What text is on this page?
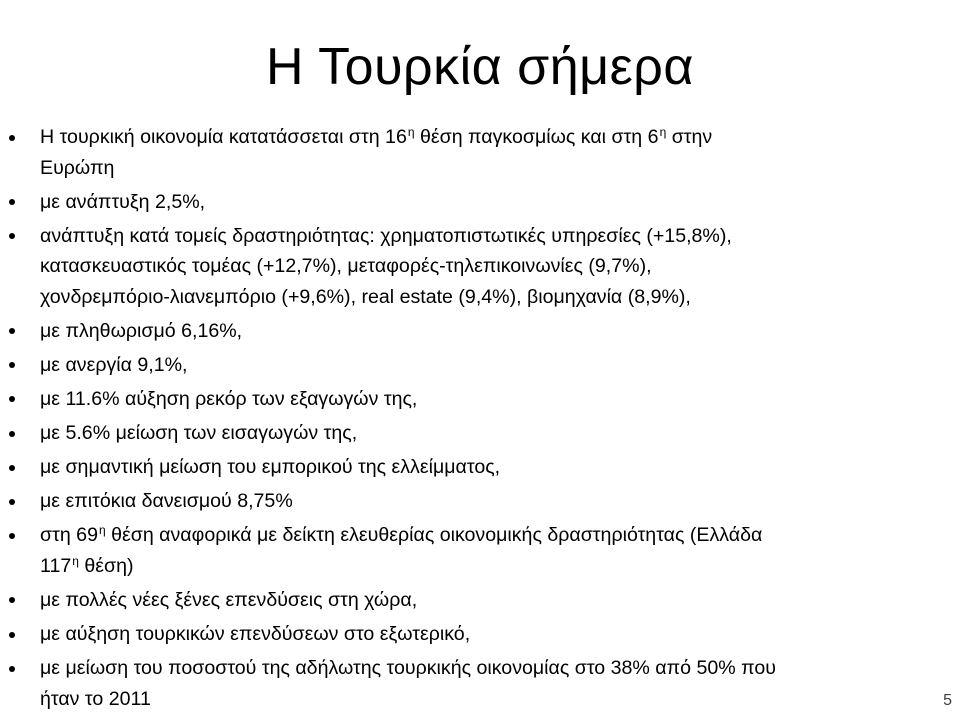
Η Τουρκία σήμερα
Η τουρκική οικονομία κατατάσσεται στη $16^\eta$ θέση παγκοσμίως και στη $6^\eta$ στην
Ευρώπη
με ανάπτυξη 2,5%,
ανάπτυξη κατά τομείς δραστηριότητας: χρηματοπιστωτικές υπηρεσίες (+15,8%),
κατασκευαστικός τομέας (+12,7%), μεταφορές-τηλεπικοινωνίες (9,7%),
χονδρεμπόριο-λιανεμπόριο (+9,6%), real estate (9,4%), βιομηχανία (8,9%),
με πληθωρισμό 6,16%,
με ανεργία 9,1%,
με 11.6% αύξηση ρεκόρ των εξαγωγών της,
με 5.6% μείωση των εισαγωγών της,
με σημαντική μείωση του εμπορικού της ελλείμματος,
με επιτόκια δανεισμού 8,75%
στη $69^\eta$ θέση αναφορικά με δείκτη ελευθερίας οικονομικής δραστηριότητας (Ελλάδα
$117^\eta$ θέση)
με πολλές νέες ξένες επενδύσεις στη χώρα,
με αύξηση τουρκικών επενδύσεων στο εξωτερικό,
με μείωση του ποσοστού της αδήλωτης τουρκικής οικονομίας στο 38% από 50% που
ήταν το 2011	5
